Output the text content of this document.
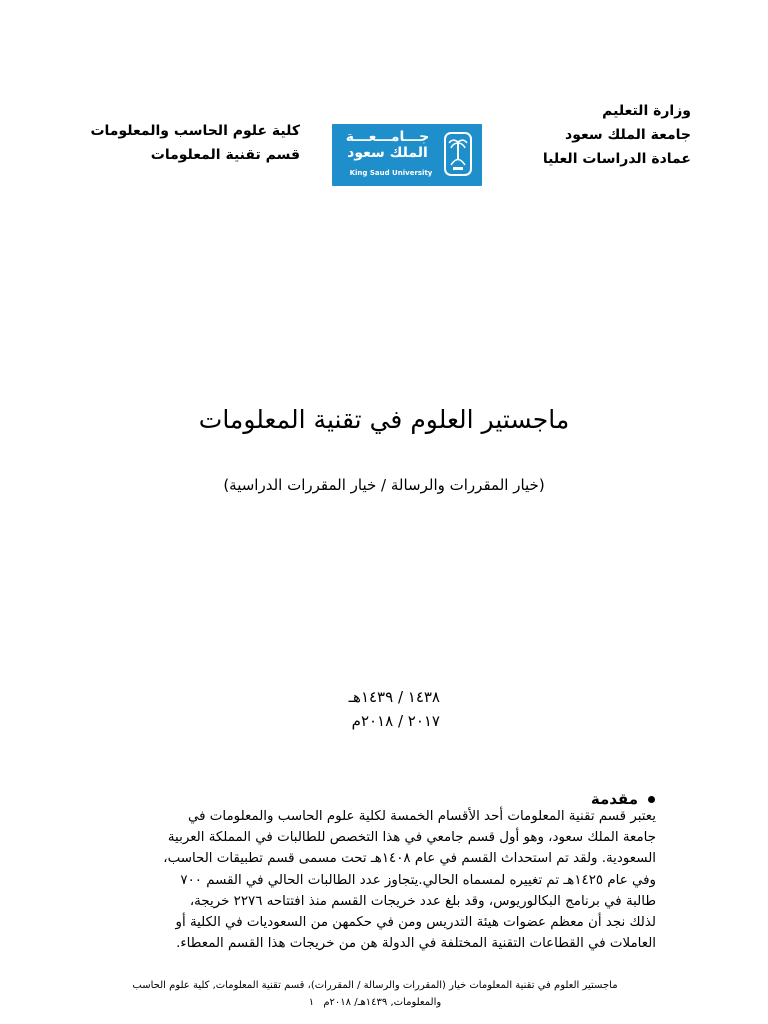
وزارة التعليم
جامعة الملك سعود
عمادة الدراسات العليا
جـــامـــعـــة
الملك سعود
King Saud University
كلية علوم الحاسب والمعلومات
قسم تقنية المعلومات
ماجستير العلوم في تقنية المعلومات
(خيار المقررات والرسالة / خيار المقررات الدراسية)
١٤٣٨ / ١٤٣٩هـ
٢٠١٧ / ٢٠١٨م
مقدمة

يعتبر قسم تقنية المعلومات أحد الأقسام الخمسة لكلية علوم الحاسب والمعلومات في

جامعة الملك سعود، وهو أول قسم جامعي في هذا التخصص للطالبات في المملكة العربية

السعودية. ولقد تم استحداث القسم في عام ١٤٠٨هـ تحت مسمى قسم تطبيقات الحاسب،

وفي عام ١٤٢٥هـ تم تغييره لمسماه الحالي.يتجاوز عدد الطالبات الحالي في القسم ٧٠٠

طالبة في برنامج البكالوريوس، وقد بلغ عدد خريجات القسم منذ افتتاحه ٢٢٧٦ خريجة،

لذلك نجد أن معظم عضوات هيئة التدريس ومن في حكمهن من السعوديات في الكلية أو

العاملات في القطاعات التقنية المختلفة في الدولة هن من خريجات هذا القسم المعطاء.

ماجستير العلوم في تقنية المعلومات خيار (المقررات والرسالة / المقررات)، قسم تقنية المعلومات, كلية علوم الحاسب
والمعلومات, ١٤٣٩هـ/ ٢٠١٨م ١
